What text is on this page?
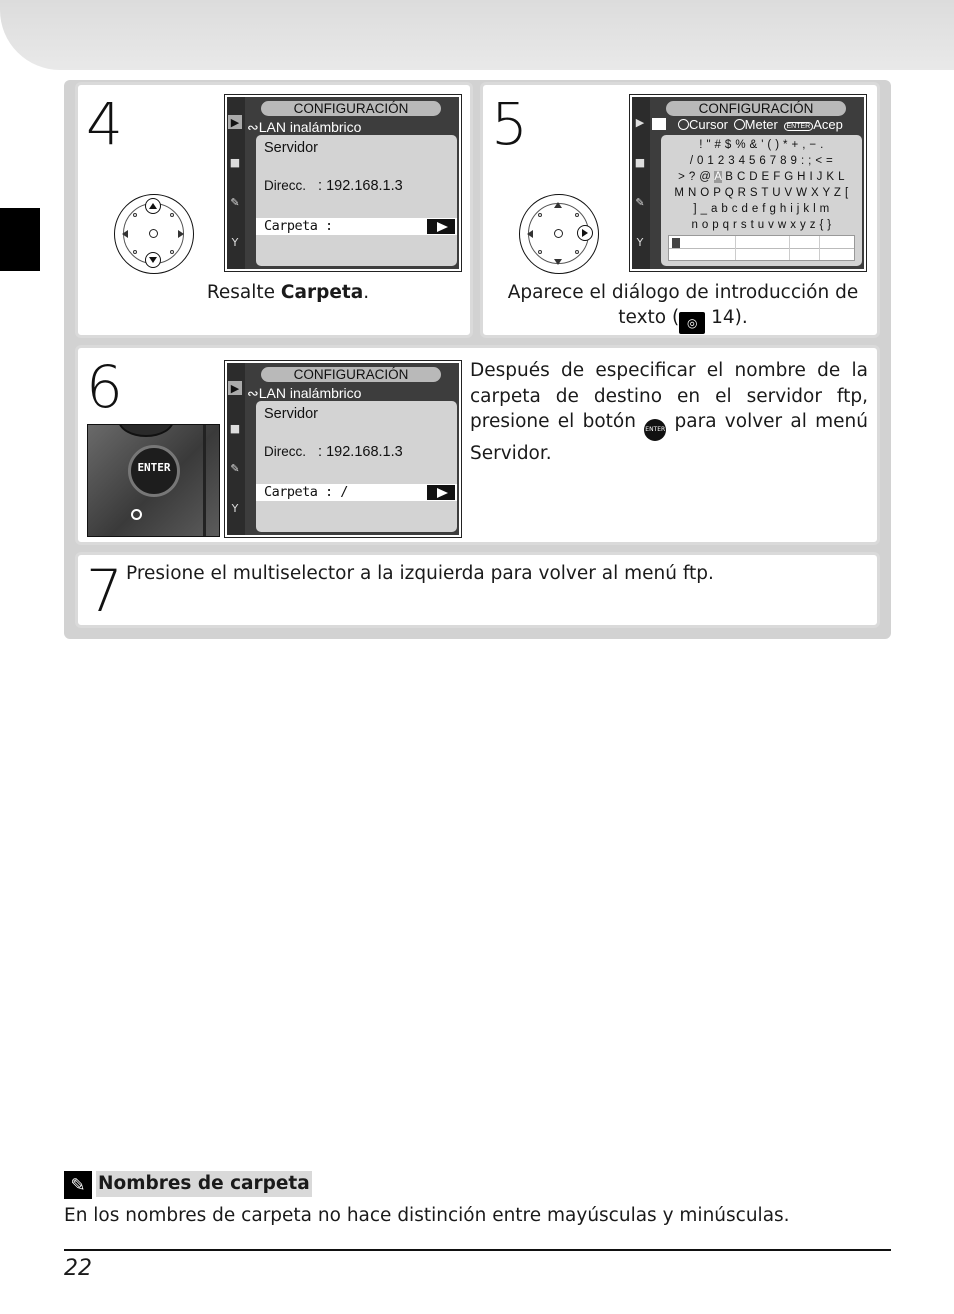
4	▶
■
✎
Y
CONFIGURACIÓN
∾LAN inalámbrico
Servidor
Direcc. : 192.168.1.3
Carpeta :
Resalte Carpeta.
5	▶
■
✎
Y
CONFIGURACIÓN
Cursor Meter ENTER Acep
! " # $ % & ' ( ) * + , − .
/ 0 1 2 3 4 5 6 7 8 9 : ; < =
> ? @ A B C D E F G H I J K L
M N O P Q R S T U V W X Y Z [
] _ a b c d e f g h i j k l m
n o p q r s t u v w x y z { }
Aparece el diálogo de introducción de
texto ( ◎ 14).
6
ENTER
▶
■
✎
Y
CONFIGURACIÓN
∾LAN inalámbrico
Servidor
Direcc. : 192.168.1.3
Carpeta : /
Después de especificar el nombre de la carpeta de destino en el servidor ftp, presione el botón ENTER para volver al menú Servidor.
7 Presione el multiselector a la izquierda para volver al menú ftp.
✎ Nombres de carpeta
En los nombres de carpeta no hace distinción entre mayúsculas y minúsculas.
22
